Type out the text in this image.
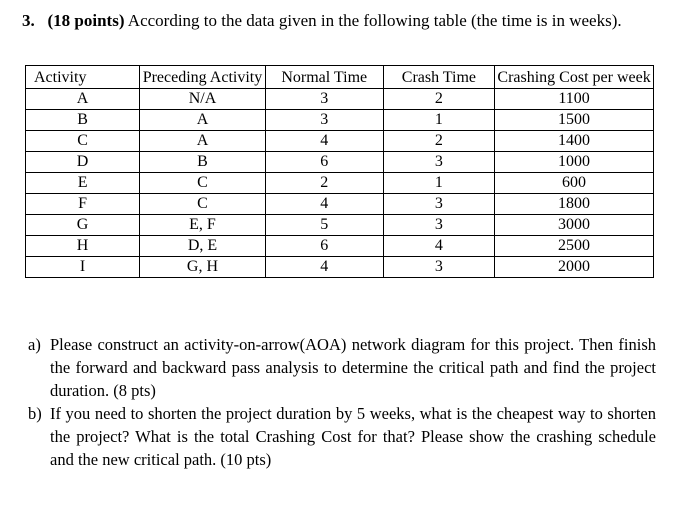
3. (18 points) According to the data given in the following table (the time is in weeks).
Activity	Preceding Activity	Normal Time	Crash Time	Crashing Cost per week
A	N/A	3	2	1100
B	A	3	1	1500
C	A	4	2	1400
D	B	6	3	1000
E	C	2	1	600
F	C	4	3	1800
G	E, F	5	3	3000
H	D, E	6	4	2500
I	G, H	4	3	2000
a) Please construct an activity-on-arrow(AOA) network diagram for this project. Then finish the forward and backward pass analysis to determine the critical path and find the project duration. (8 pts)
b) If you need to shorten the project duration by 5 weeks, what is the cheapest way to shorten the project? What is the total Crashing Cost for that? Please show the crashing schedule and the new critical path. (10 pts)
